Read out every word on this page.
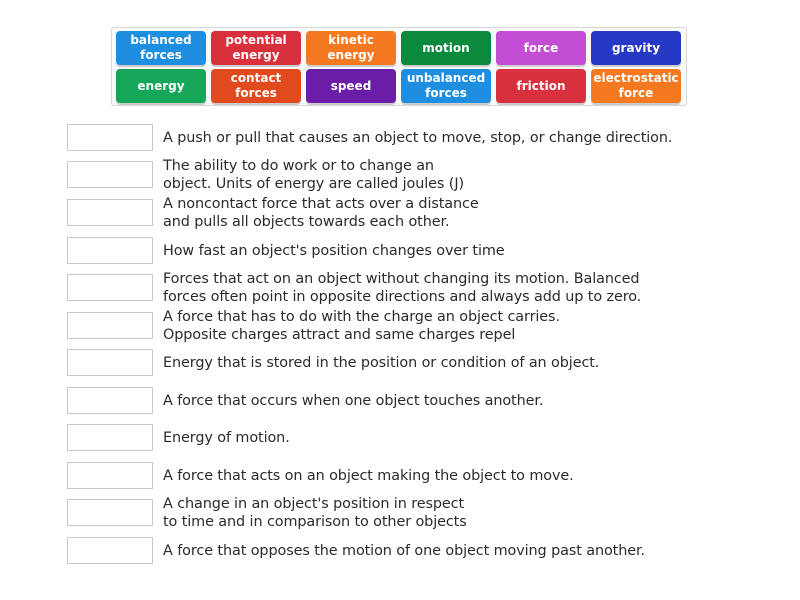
balanced
forces
potential
energy
kinetic
energy
motion	force	gravity
energy
contact
forces
speed
unbalanced
forces
friction
electrostatic
force
A push or pull that causes an object to move, stop, or change direction.
The ability to do work or to change an
object. Units of energy are called joules (J)
A noncontact force that acts over a distance
and pulls all objects towards each other.
How fast an object's position changes over time
Forces that act on an object without changing its motion. Balanced
forces often point in opposite directions and always add up to zero.
A force that has to do with the charge an object carries.
Opposite charges attract and same charges repel
Energy that is stored in the position or condition of an object.
A force that occurs when one object touches another.
Energy of motion.
A force that acts on an object making the object to move.
A change in an object's position in respect
to time and in comparison to other objects
A force that opposes the motion of one object moving past another.
